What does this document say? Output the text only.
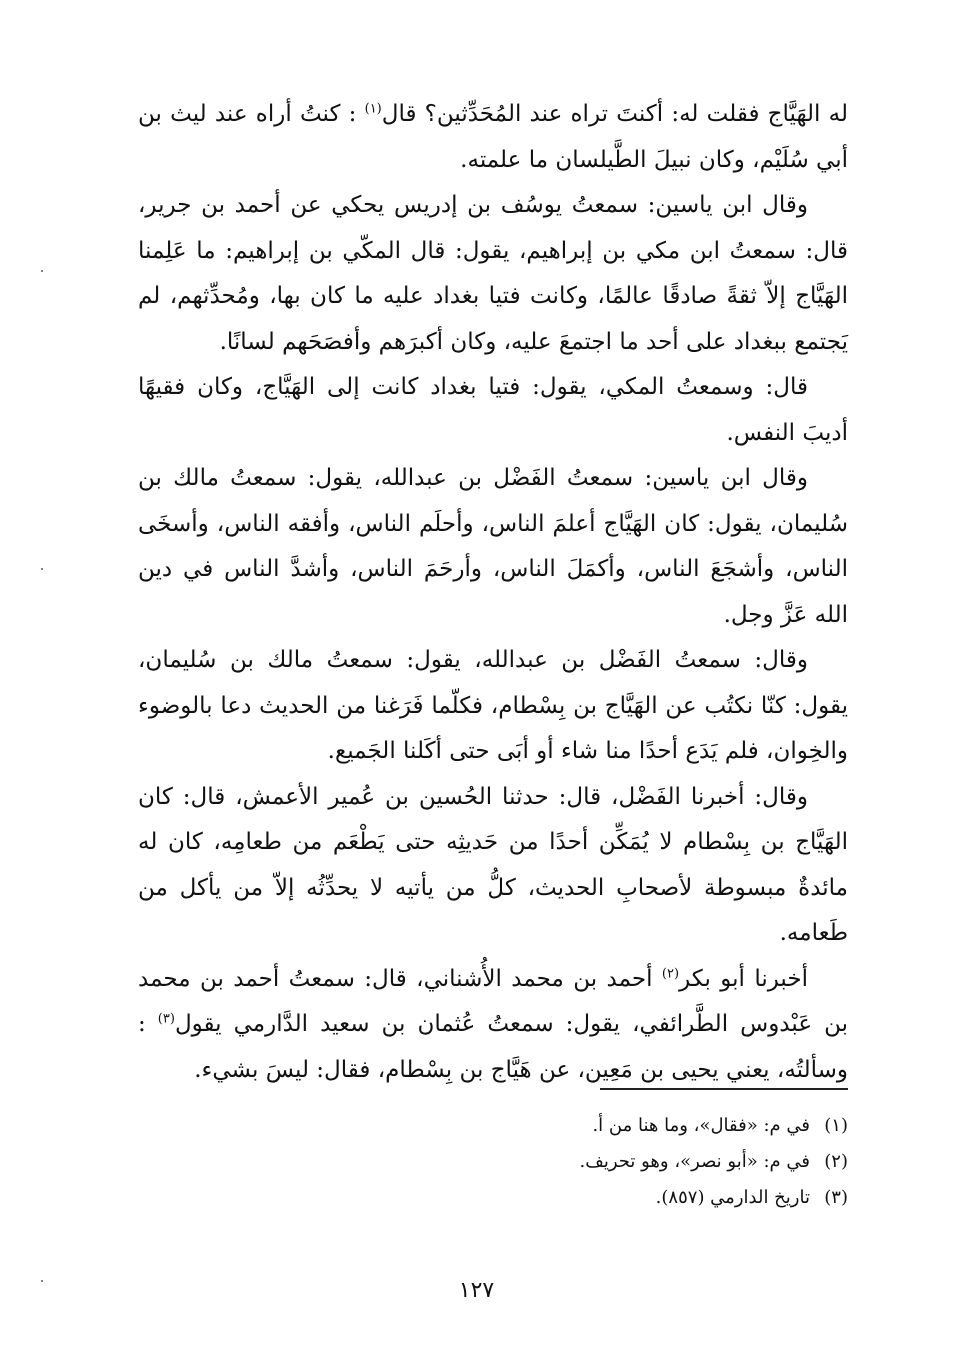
له الهَيَّاج فقلت له: أكنتَ تراه عند المُحَدِّثين؟ قال$^{(١)}$ : كنتُ أراه عند ليث بن أبي سُلَيْم، وكان نبيلَ الطَّيلسان ما علمته.

وقال ابن ياسين: سمعتُ يوسُف بن إدريس يحكي عن أحمد بن جرير، قال: سمعتُ ابن مكي بن إبراهيم، يقول: قال المكّي بن إبراهيم: ما عَلِمنا الهَيَّاج إلاّ ثقةً صادقًا عالمًا، وكانت فتيا بغداد عليه ما كان بها، ومُحدِّثهم، لم يَجتمع ببغداد على أحد ما اجتمعَ عليه، وكان أكبرَهم وأفصَحَهم لسانًا.

قال: وسمعتُ المكي، يقول: فتيا بغداد كانت إلى الهَيَّاج، وكان فقيهًا أديبَ النفس.

وقال ابن ياسين: سمعتُ الفَضْل بن عبدالله، يقول: سمعتُ مالك بن سُليمان، يقول: كان الهَيَّاج أعلمَ الناس، وأحلَم الناس، وأفقه الناس، وأسخَى الناس، وأشجَعَ الناس، وأكمَلَ الناس، وأرحَمَ الناس، وأشدَّ الناس في دين الله عَزَّ وجل.

وقال: سمعتُ الفَضْل بن عبدالله، يقول: سمعتُ مالك بن سُليمان، يقول: كنّا نكتُب عن الهَيَّاج بن بِسْطام، فكلّما فَرَغنا من الحديث دعا بالوضوء والخِوان، فلم يَدَع أحدًا منا شاء أو أبَى حتى أكَلنا الجَميع.

وقال: أخبرنا الفَضْل، قال: حدثنا الحُسين بن عُمير الأعمش، قال: كان الهَيَّاج بن بِسْطام لا يُمَكِّن أحدًا من حَديثِه حتى يَطْعَم من طعامِه، كان له مائدةٌ مبسوطة لأصحابِ الحديث، كلُّ من يأتيه لا يحدِّثُه إلاّ من يأكل من طَعامه.

أخبرنا أبو بكر$^{(٢)}$ أحمد بن محمد الأُشناني، قال: سمعتُ أحمد بن محمد بن عَبْدوس الطَّرائفي، يقول: سمعتُ عُثمان بن سعيد الدَّارمي يقول$^{(٣)}$ : وسألتُه، يعني يحيى بن مَعِين، عن هَيَّاج بن بِسْطام، فقال: ليسَ بشيء.

(١)في م: «فقال»، وما هنا من أ.
(٢)في م: «أبو نصر»، وهو تحريف.
(٣)تاريخ الدارمي (٨٥٧).
١٢٧
